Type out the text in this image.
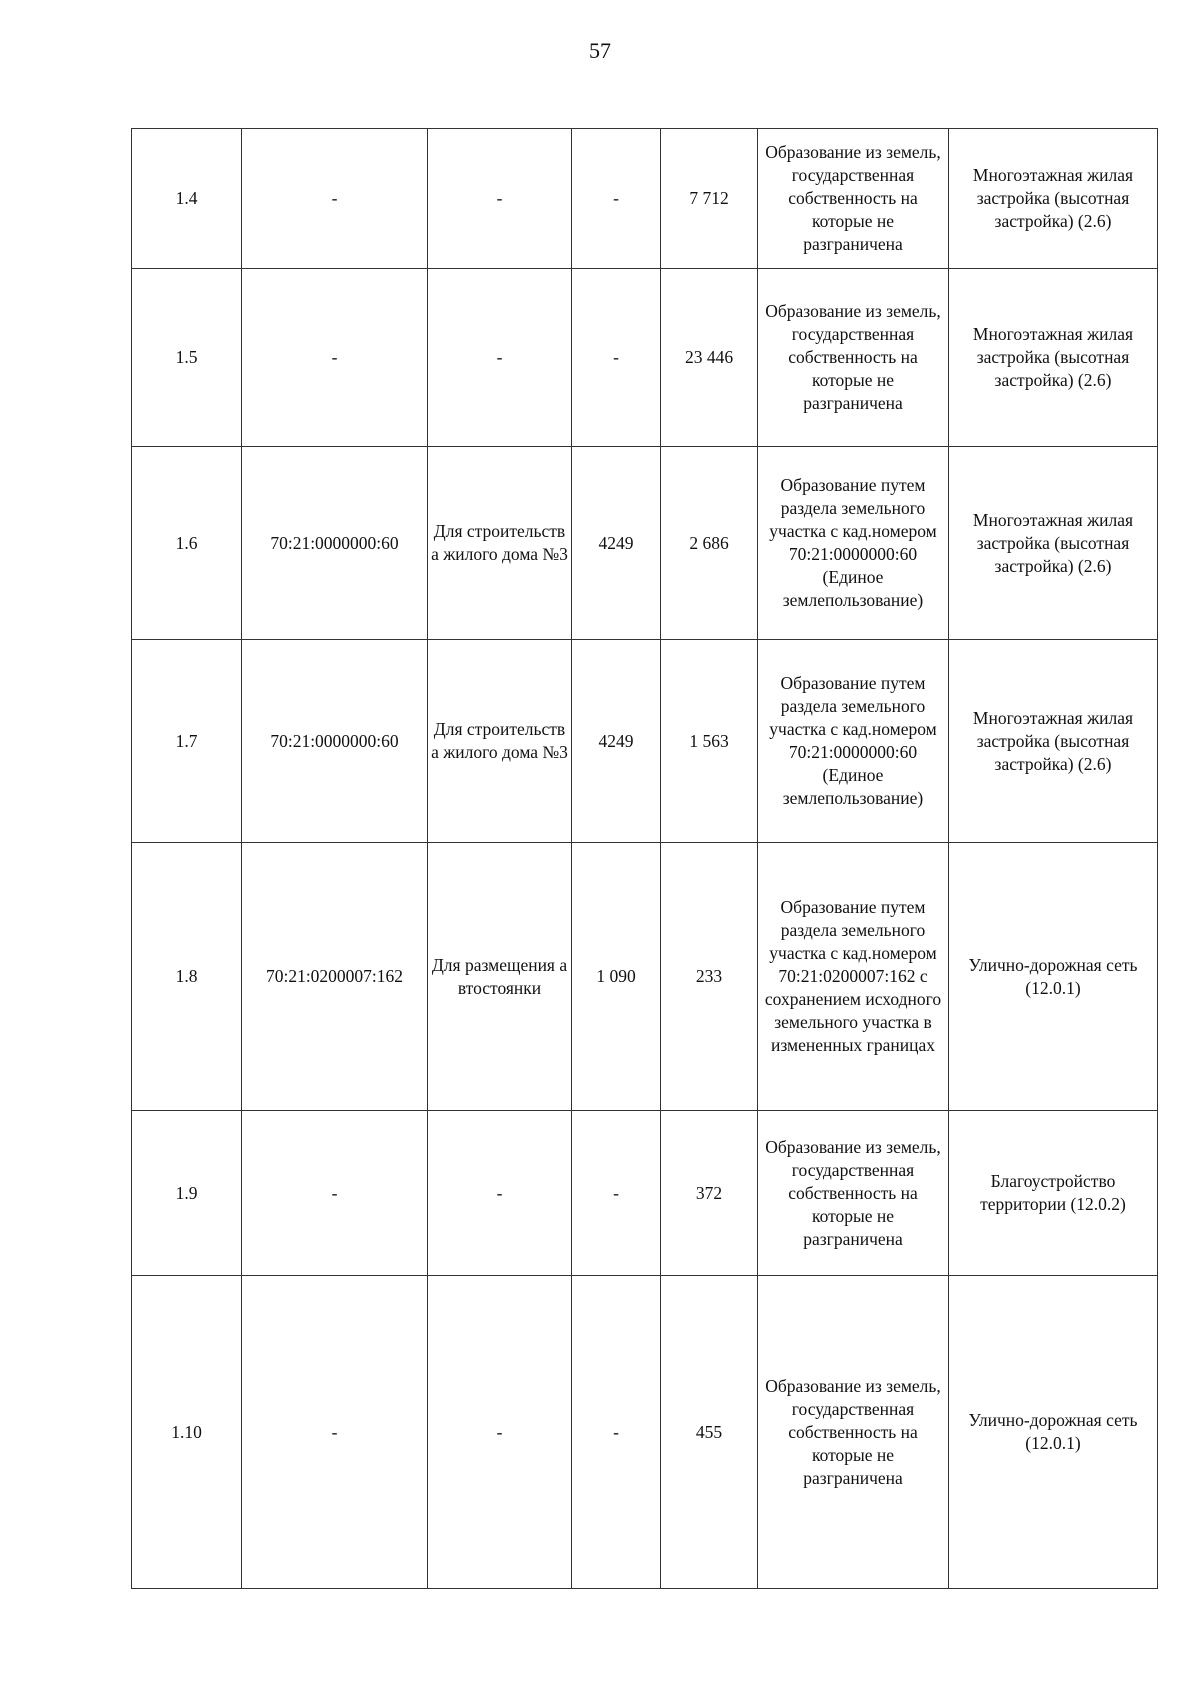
57
1.4	-	-	-	7 712	Образование из земель, государственная собственность на которые не разграничена	Многоэтажная жилая застройка (высотная застройка) (2.6)
1.5	-	-	-	23 446	Образование из земель, государственная собственность на которые не разграничена	Многоэтажная жилая застройка (высотная застройка) (2.6)
1.6	70:21:0000000:60	Для строительства жилого дома №3	4249	2 686	Образование путем раздела земельного участка с кад.номером 70:21:0000000:60 (Единое землепользование)	Многоэтажная жилая застройка (высотная застройка) (2.6)
1.7	70:21:0000000:60	Для строительства жилого дома №3	4249	1 563	Образование путем раздела земельного участка с кад.номером 70:21:0000000:60 (Единое землепользование)	Многоэтажная жилая застройка (высотная застройка) (2.6)
1.8	70:21:0200007:162	Для размещения автостоянки	1 090	233	Образование путем раздела земельного участка с кад.номером 70:21:0200007:162 с сохранением исходного земельного участка в измененных границах	Улично-дорожная сеть (12.0.1)
1.9	-	-	-	372	Образование из земель, государственная собственность на которые не разграничена	Благоустройство территории (12.0.2)
1.10	-	-	-	455	Образование из земель, государственная собственность на которые не разграничена	Улично-дорожная сеть (12.0.1)
